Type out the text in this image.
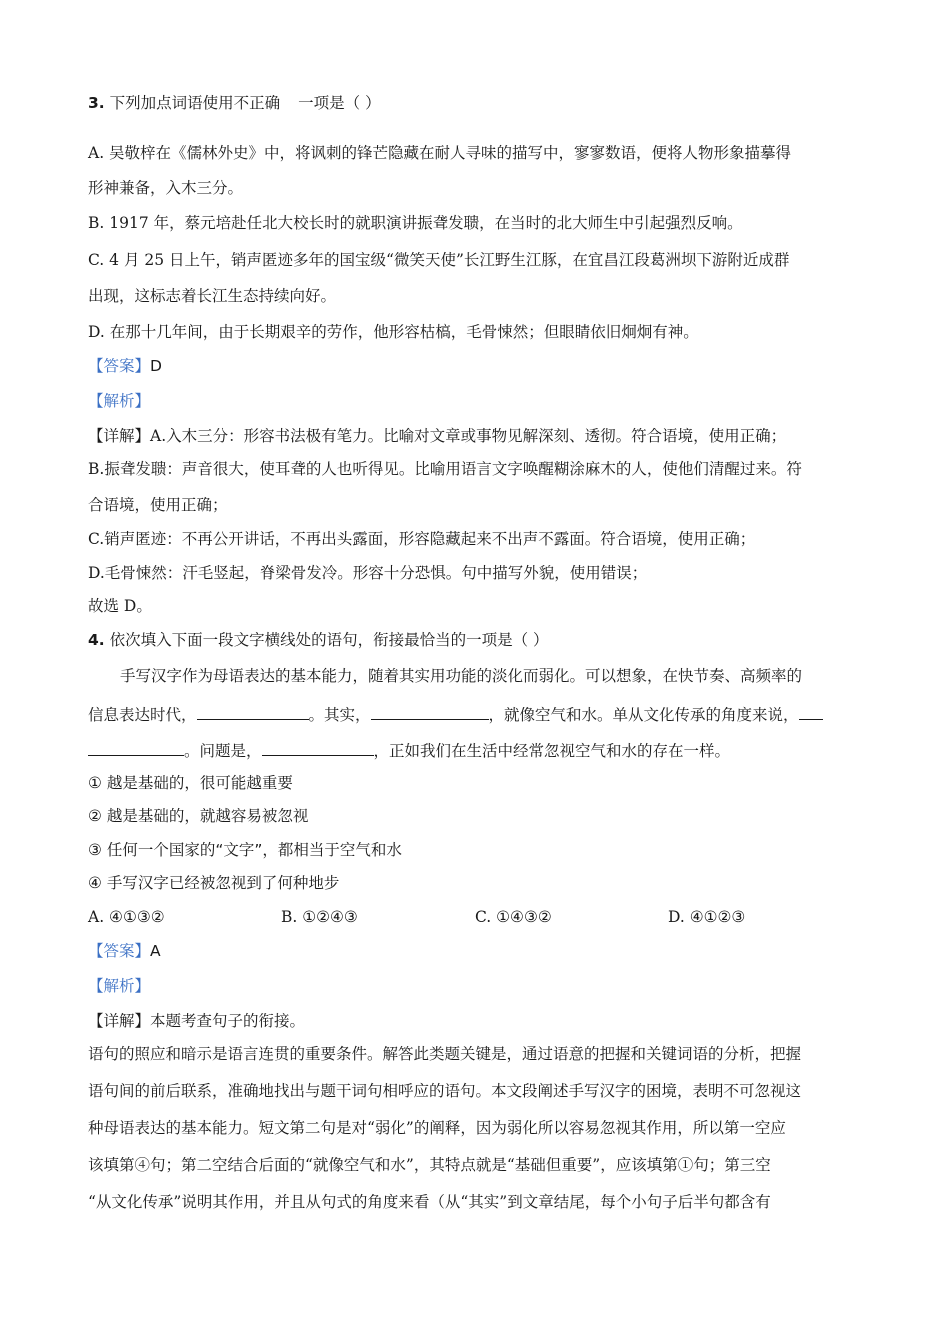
3. 下列加点词语使用不正确 一项是（ ）
A. 吴敬梓在《儒林外史》中，将讽刺的锋芒隐藏在耐人寻味的描写中，寥寥数语，便将人物形象描摹得
形神兼备，入木三分。
B. 1917 年，蔡元培赴任北大校长时的就职演讲振聋发聩，在当时的北大师生中引起强烈反响。
C. 4 月 25 日上午，销声匿迹多年的国宝级“微笑天使”长江野生江豚，在宜昌江段葛洲坝下游附近成群
出现，这标志着长江生态持续向好。
D. 在那十几年间，由于长期艰辛的劳作，他形容枯槁，毛骨悚然；但眼睛依旧炯炯有神。
【答案】D
【解析】
【详解】A.入木三分：形容书法极有笔力。比喻对文章或事物见解深刻、透彻。符合语境，使用正确；
B.振聋发聩：声音很大，使耳聋的人也听得见。比喻用语言文字唤醒糊涂麻木的人，使他们清醒过来。符
合语境，使用正确；
C.销声匿迹：不再公开讲话，不再出头露面，形容隐藏起来不出声不露面。符合语境，使用正确；
D.毛骨悚然：汗毛竖起，脊梁骨发冷。形容十分恐惧。句中描写外貌，使用错误；
故选 D。
4. 依次填入下面一段文字横线处的语句，衔接最恰当的一项是（ ）
手写汉字作为母语表达的基本能力，随着其实用功能的淡化而弱化。可以想象，在快节奏、高频率的
信息表达时代，	。其实，	，就像空气和水。单从文化传承的角度来说，
。问题是，	，正如我们在生活中经常忽视空气和水的存在一样。
① 越是基础的，很可能越重要
② 越是基础的，就越容易被忽视
③ 任何一个国家的“文字”，都相当于空气和水
④ 手写汉字已经被忽视到了何种地步
A. ④①③②	B. ①②④③	C. ①④③②	D. ④①②③
【答案】A
【解析】
【详解】本题考查句子的衔接。
语句的照应和暗示是语言连贯的重要条件。解答此类题关键是，通过语意的把握和关键词语的分析，把握
语句间的前后联系，准确地找出与题干词句相呼应的语句。本文段阐述手写汉字的困境，表明不可忽视这
种母语表达的基本能力。短文第二句是对“弱化”的阐释，因为弱化所以容易忽视其作用，所以第一空应
该填第④句；第二空结合后面的“就像空气和水”，其特点就是“基础但重要”，应该填第①句；第三空
“从文化传承”说明其作用，并且从句式的角度来看（从“其实”到文章结尾，每个小句子后半句都含有
